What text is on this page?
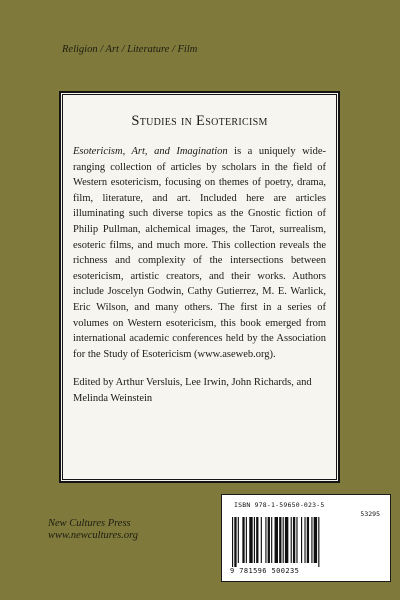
Religion / Art / Literature / Film
Studies in Esotericism

Esotericism, Art, and Imagination is a uniquely wide-ranging collection of articles by scholars in the field of Western esotericism, focusing on themes of poetry, drama, film, literature, and art. Included here are articles illuminating such diverse topics as the Gnostic fiction of Philip Pullman, alchemical images, the Tarot, surrealism, esoteric films, and much more. This collection reveals the richness and complexity of the intersections between esotericism, artistic creators, and their works. Authors include Joscelyn Godwin, Cathy Gutierrez, M. E. Warlick, Eric Wilson, and many others. The first in a series of volumes on Western esotericism, this book emerged from international academic conferences held by the Association for the Study of Esotericism (www.aseweb.org).

Edited by Arthur Versluis, Lee Irwin, John Richards, and Melinda Weinstein

New Cultures Press
www.newcultures.org
ISBN 978-1-59650-023-5
53295
9 781596 500235
